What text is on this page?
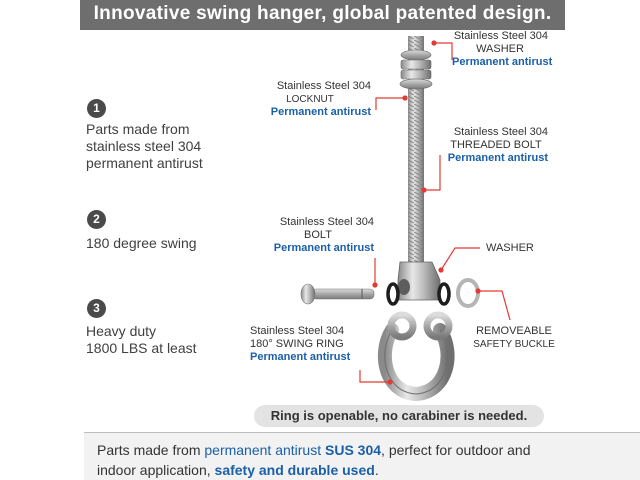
Innovative swing hanger, global patented design.
1
Parts made from
stainless steel 304
permanent antirust
2
180 degree swing
3
Heavy duty
1800 LBS at least
Stainless Steel 304
WASHER
Permanent antirust
Stainless Steel 304
LOCKNUT
Permanent antirust
Stainless Steel 304
THREADED BOLT
Permanent antirust
Stainless Steel 304
BOLT
Permanent antirust	WASHER
REMOVEABLE
SAFETY BUCKLE
Stainless Steel 304
180° SWING RING
Permanent antirust
Ring is openable, no carabiner is needed.
Parts made from permanent antirust SUS 304, perfect for outdoor and indoor application, safety and durable used.
